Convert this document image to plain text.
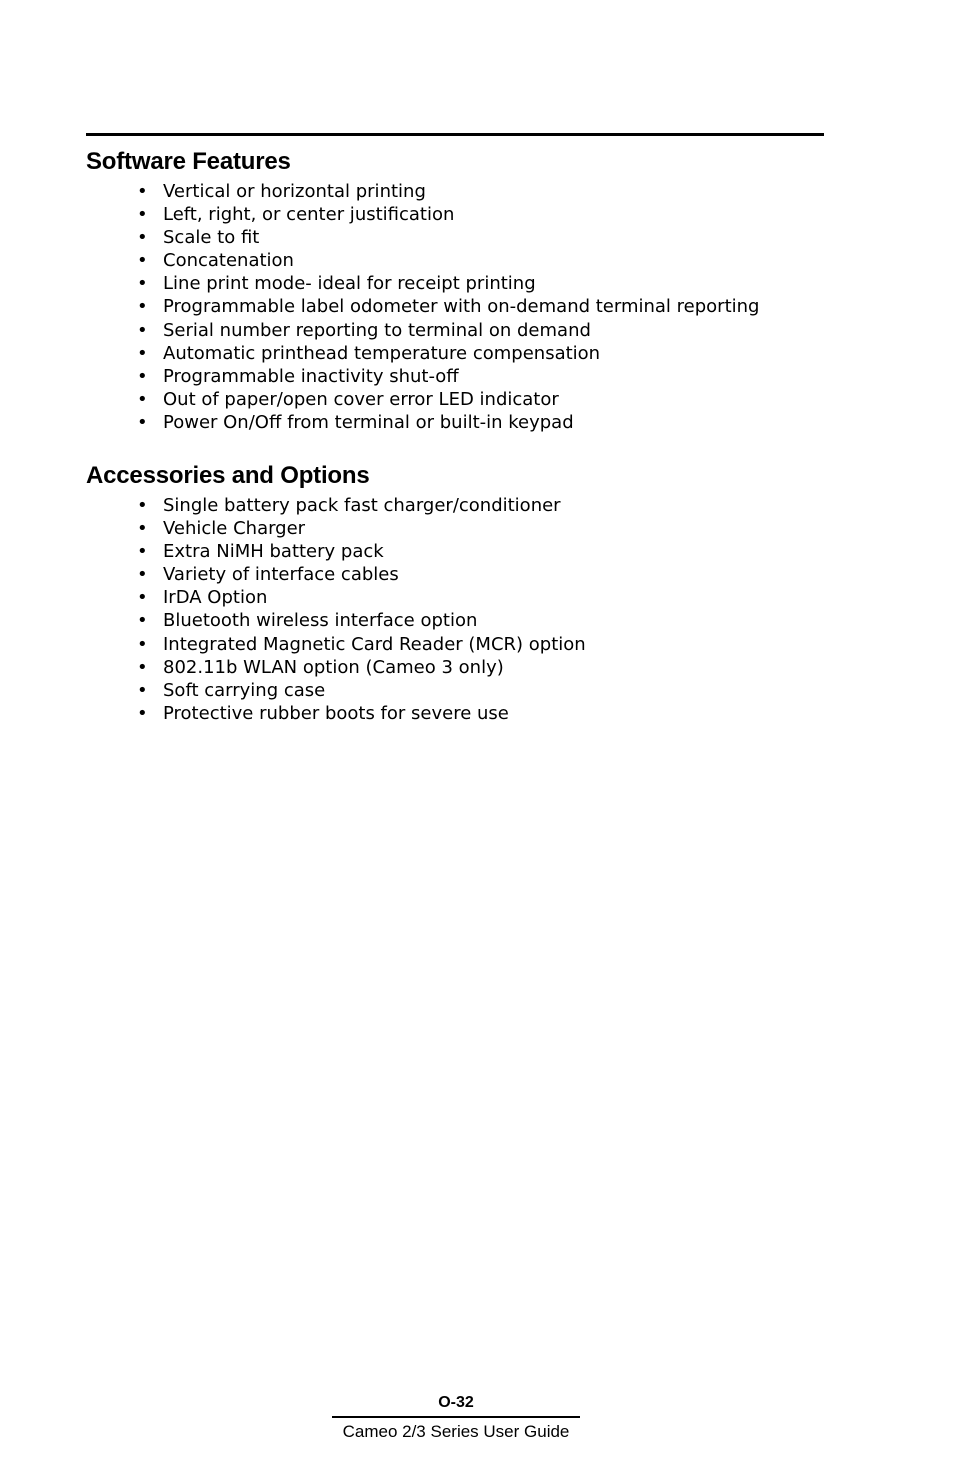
Software Features
• Vertical or horizontal printing
• Left, right, or center justification
• Scale to fit
• Concatenation
• Line print mode- ideal for receipt printing
• Programmable label odometer with on-demand terminal reporting
• Serial number reporting to terminal on demand
• Automatic printhead temperature compensation
• Programmable inactivity shut-off
• Out of paper/open cover error LED indicator
• Power On/Off from terminal or built-in keypad
Accessories and Options
• Single battery pack fast charger/conditioner
• Vehicle Charger
• Extra NiMH battery pack
• Variety of interface cables
• IrDA Option
• Bluetooth wireless interface option
• Integrated Magnetic Card Reader (MCR) option
• 802.11b WLAN option (Cameo 3 only)
• Soft carrying case
• Protective rubber boots for severe use
O-32
Cameo 2/3 Series User Guide
